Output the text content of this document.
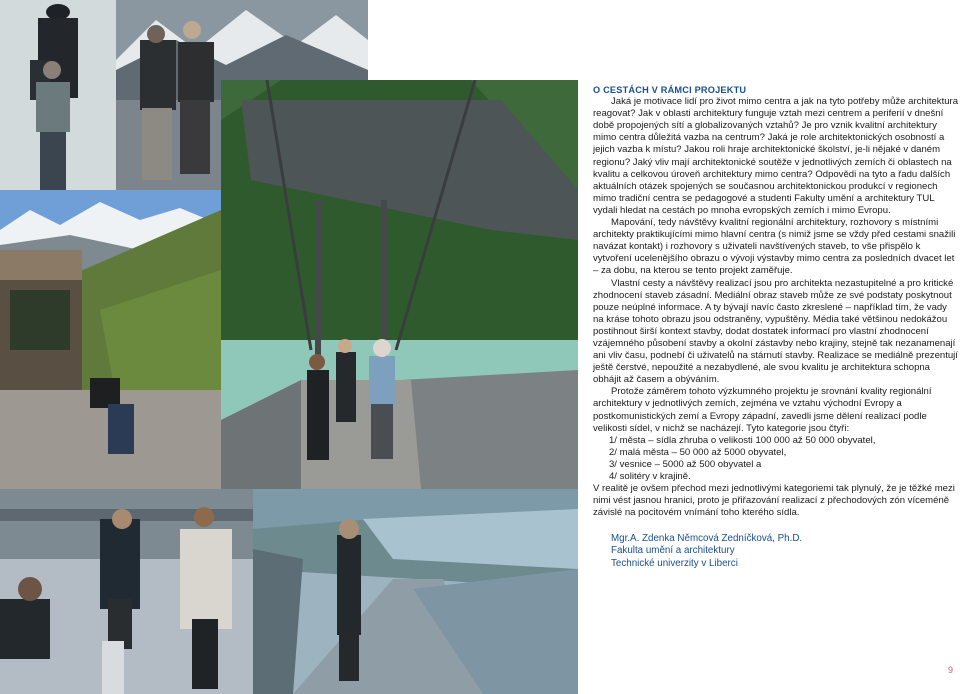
O CESTÁCH V RÁMCI PROJEKTU

Jaká je motivace lidí pro život mimo centra a jak na tyto potřeby může architektura reagovat? Jak v oblasti architektury funguje vztah mezi centrem a periferií v dnešní době propojených sítí a globalizovaných vztahů? Je pro vznik kvalitní architektury mimo centra důležitá vazba na centrum? Jaká je role architektonických osobností a jejich vazba k místu? Jakou roli hraje architektonické školství, je-li nějaké v daném regionu? Jaký vliv mají architektonické soutěže v jednotlivých zemích či oblastech na kvalitu a celkovou úroveň architektury mimo centra? Odpovědi na tyto a řadu dalších aktuálních otázek spojených se současnou architektonickou produkcí v regionech mimo tradiční centra se pedagogové a studenti Fakulty umění a architektury TUL vydali hledat na cestách po mnoha evropských zemích i mimo Evropu.

Mapování, tedy návštěvy kvalitní regionální architektury, rozhovory s místními architekty praktikujícími mimo hlavní centra (s nimiž jsme se vždy před cestami snažili navázat kontakt) i rozhovory s uživateli navštívených staveb, to vše přispělo k vytvoření ucelenějšího obrazu o vývoji výstavby mimo centra za posledních dvacet let – za dobu, na kterou se tento projekt zaměřuje.

Vlastní cesty a návštěvy realizací jsou pro architekta nezastupitelné a pro kritické zhodnocení staveb zásadní. Mediální obraz staveb může ze své podstaty poskytnout pouze neúplné informace. A ty bývají navíc často zkreslené – například tím, že vady na kráse tohoto obrazu jsou odstraněny, vypuštěny. Média také většinou nedokážou postihnout širší kontext stavby, dodat dostatek informací pro vlastní zhodnocení vzájemného působení stavby a okolní zástavby nebo krajiny, stejně tak nezanamenají ani vliv času, podnebí či uživatelů na stárnutí stavby. Realizace se mediálně prezentují ještě čerstvé, nepoužité a nezabydlené, ale svou kvalitu je architektura schopna obhájit až časem a obýváním.

Protože záměrem tohoto výzkumného projektu je srovnání kvality regionální architektury v jednotlivých zemích, zejména ve vztahu východní Evropy a postkomunistických zemí a Evropy západní, zavedli jsme dělení realizací podle velikosti sídel, v nichž se nacházejí. Tyto kategorie jsou čtyři:

1/ města – sídla zhruba o velikosti 100 000 až 50 000 obyvatel,
2/ malá města – 50 000 až 5000 obyvatel,
3/ vesnice – 5000 až 500 obyvatel a
4/ solitéry v krajině.

V realitě je ovšem přechod mezi jednotlivými kategoriemi tak plynulý, že je těžké mezi nimi vést jasnou hranici, proto je přiřazování realizací z přechodových zón víceméně závislé na pocitovém vnímání toho kterého sídla.

Mgr.A. Zdenka Němcová Zedníčková, Ph.D.
Fakulta umění a architektury
Technické univerzity v Liberci
9
